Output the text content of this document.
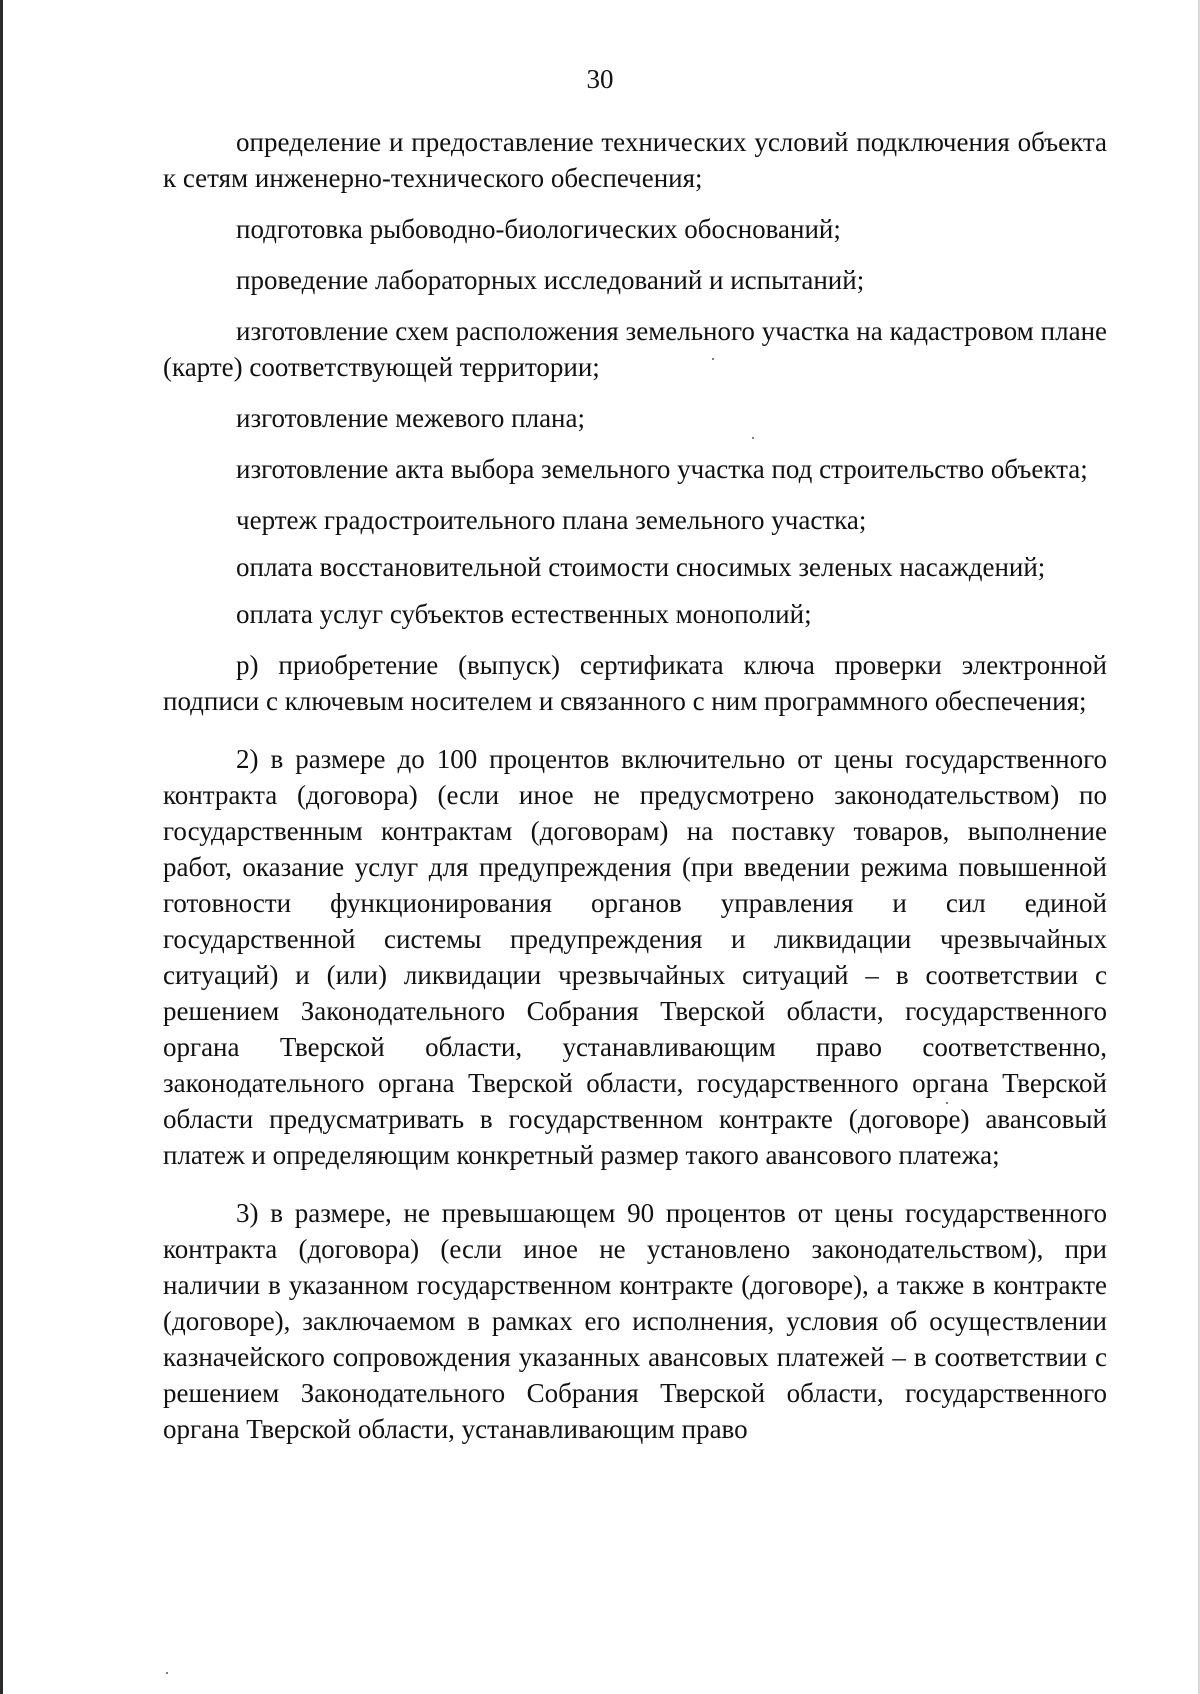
30

определение и предоставление технических условий подключения объекта к сетям инженерно-технического обеспечения;

подготовка рыбоводно-биологических обоснований;

проведение лабораторных исследований и испытаний;

изготовление схем расположения земельного участка на кадастровом плане (карте) соответствующей территории;

изготовление межевого плана;

изготовление акта выбора земельного участка под строительство объекта;

чертеж градостроительного плана земельного участка;

оплата восстановительной стоимости сносимых зеленых насаждений;

оплата услуг субъектов естественных монополий;

р) приобретение (выпуск) сертификата ключа проверки электронной подписи с ключевым носителем и связанного с ним программного обеспечения;

2) в размере до 100 процентов включительно от цены государственного контракта (договора) (если иное не предусмотрено законодательством) по государственным контрактам (договорам) на поставку товаров, выполнение работ, оказание услуг для предупреждения (при введении режима повышенной готовности функционирования органов управления и сил единой государственной системы предупреждения и ликвидации чрезвычайных ситуаций) и (или) ликвидации чрезвычайных ситуаций – в соответствии с решением Законодательного Собрания Тверской области, государственного органа Тверской области, устанавливающим право соответственно, законодательного органа Тверской области, государственного органа Тверской области предусматривать в государственном контракте (договоре) авансовый платеж и определяющим конкретный размер такого авансового платежа;

3) в размере, не превышающем 90 процентов от цены государственного контракта (договора) (если иное не установлено законодательством), при наличии в указанном государственном контракте (договоре), а также в контракте (договоре), заключаемом в рамках его исполнения, условия об осуществлении казначейского сопровождения указанных авансовых платежей – в соответствии с решением Законодательного Собрания Тверской области, государственного органа Тверской области, устанавливающим право
